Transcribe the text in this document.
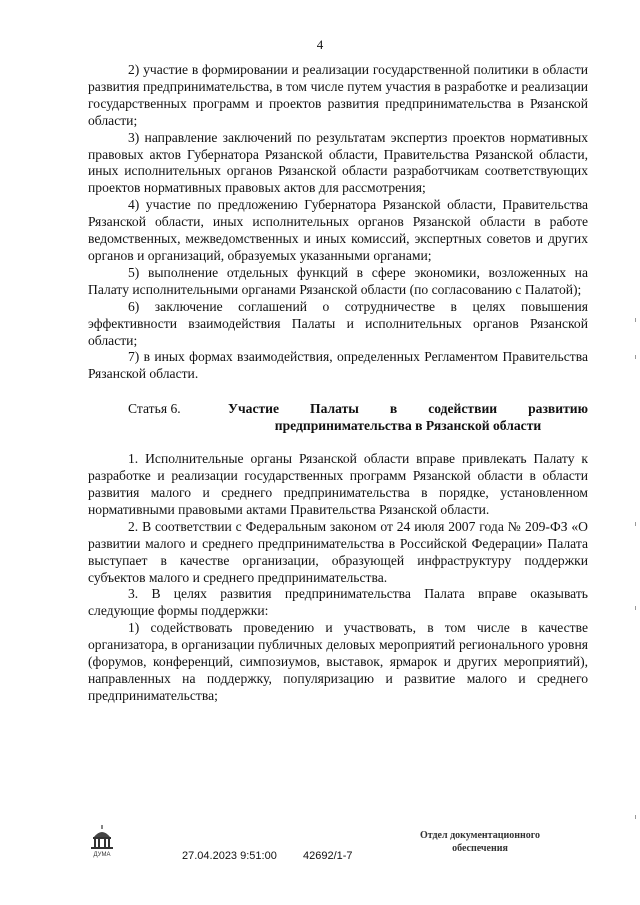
4

2) участие в формировании и реализации государственной политики в области развития предпринимательства, в том числе путем участия в разработке и реализации государственных программ и проектов развития предпринимательства в Рязанской области;

3) направление заключений по результатам экспертиз проектов нормативных правовых актов Губернатора Рязанской области, Правительства Рязанской области, иных исполнительных органов Рязанской области разработчикам соответствующих проектов нормативных правовых актов для рассмотрения;

4) участие по предложению Губернатора Рязанской области, Правительства Рязанской области, иных исполнительных органов Рязанской области в работе ведомственных, межведомственных и иных комиссий, экспертных советов и других органов и организаций, образуемых указанными органами;

5) выполнение отдельных функций в сфере экономики, возложенных на Палату исполнительными органами Рязанской области (по согласованию с Палатой);

6) заключение соглашений о сотрудничестве в целях повышения эффективности взаимодействия Палаты и исполнительных органов Рязанской области;

7) в иных формах взаимодействия, определенных Регламентом Правительства Рязанской области.

Статья 6.	Участие Палаты в содействии развитию предпринимательства в Рязанской области

1. Исполнительные органы Рязанской области вправе привлекать Палату к разработке и реализации государственных программ Рязанской области в области развития малого и среднего предпринимательства в порядке, установленном нормативными правовыми актами Правительства Рязанской области.

2. В соответствии с Федеральным законом от 24 июля 2007 года № 209-ФЗ «О развитии малого и среднего предпринимательства в Российской Федерации» Палата выступает в качестве организации, образующей инфраструктуру поддержки субъектов малого и среднего предпринимательства.

3. В целях развития предпринимательства Палата вправе оказывать следующие формы поддержки:

1) содействовать проведению и участвовать, в том числе в качестве организатора, в организации публичных деловых мероприятий регионального уровня (форумов, конференций, симпозиумов, выставок, ярмарок и других мероприятий), направленных на поддержку, популяризацию и развитие малого и среднего предпринимательства;

ДУМА	27.04.2023 9:51:00 42692/1-7
Отдел документационного
обеспечения
